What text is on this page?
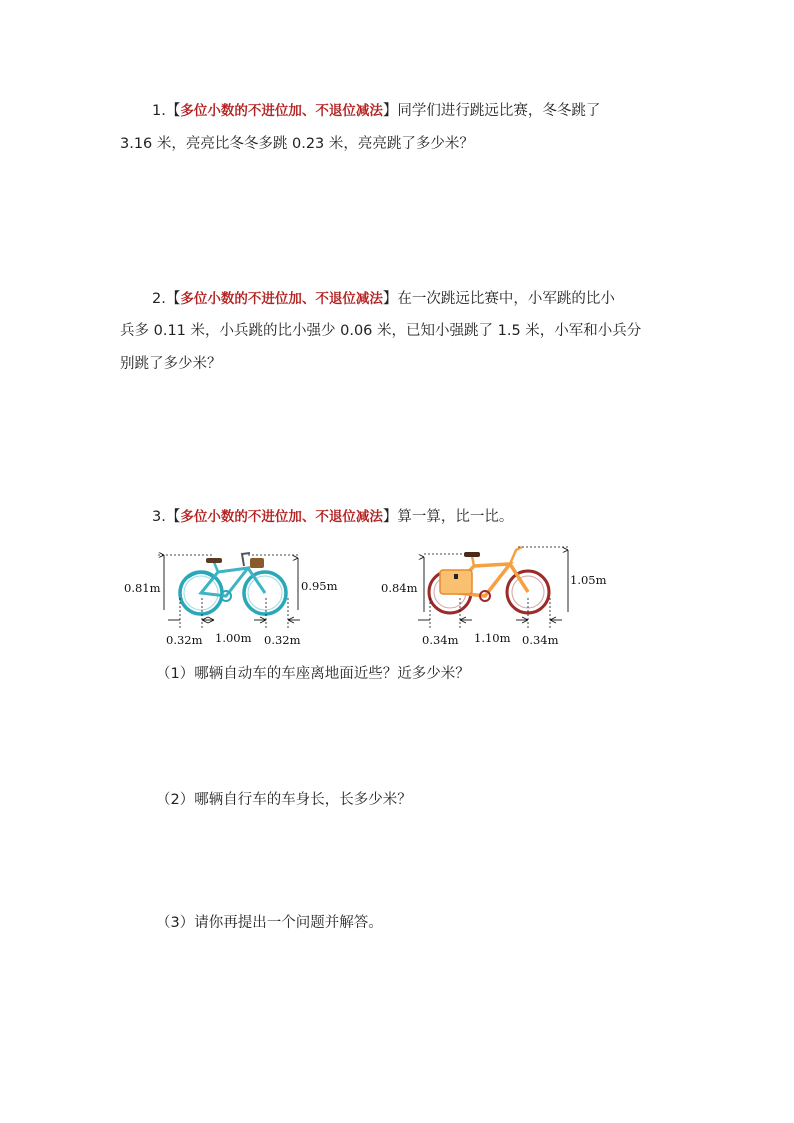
1.【多位小数的不进位加、不退位减法】同学们进行跳远比赛，冬冬跳了
3.16 米，亮亮比冬冬多跳 0.23 米，亮亮跳了多少米？
2.【多位小数的不进位加、不退位减法】在一次跳远比赛中，小军跳的比小
兵多 0.11 米，小兵跳的比小强少 0.06 米，已知小强跳了 1.5 米，小军和小兵分
别跳了多少米？
3.【多位小数的不进位加、不退位减法】算一算，比一比。
0.81m	0.95m
0.32m 1.00m 0.32m
0.84m
1.05m
0.34m 1.10m 0.34m
（1）哪辆自动车的车座离地面近些？近多少米？
（2）哪辆自行车的车身长，长多少米？
（3）请你再提出一个问题并解答。
